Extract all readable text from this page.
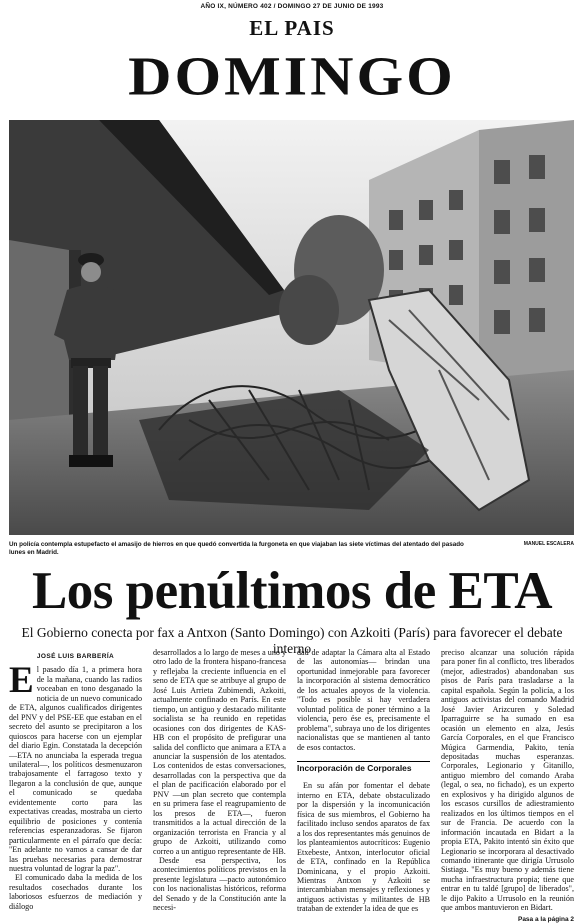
AÑO IX, NÚMERO 402 / DOMINGO 27 DE JUNIO DE 1993
EL PAIS
DOMINGO
Un policía contempla estupefacto el amasijo de hierros en que quedó convertida la furgoneta en que viajaban las siete víctimas del atentado del pasado lunes en Madrid.
MANUEL ESCALERA
Los penúltimos de ETA
El Gobierno conecta por fax a Antxon (Santo Domingo) con Azkoiti (París) para favorecer el debate interno
JOSÉ LUIS BARBERÍA

El pasado día 1, a primera hora de la mañana, cuando las radios voceaban en tono desganado la noticia de un nuevo comunicado de ETA, algunos cualificados dirigentes del PNV y del PSE-EE que estaban en el secreto del asunto se precipitaron a los quioscos para hacerse con un ejemplar del diario Egin. Constatada la decepción —ETA no anunciaba la esperada tregua unilateral—, los políticos desmenuzaron trabajosamente el farragoso texto y llegaron a la conclusión de que, aunque el comunicado se quedaba evidentemente corto para las expectativas creadas, mostraba un cierto equilibrio de posiciones y contenía referencias esperanzadoras. Se fijaron particularmente en el párrafo que decía: "En adelante no vamos a cansar de dar las pruebas necesarias para demostrar nuestra voluntad de lograr la paz".

El comunicado daba la medida de los resultados cosechados durante los laboriosos esfuerzos de mediación y diálogo

desarrollados a lo largo de meses a uno y otro lado de la frontera hispano-francesa y reflejaba la creciente influencia en el seno de ETA que se atribuye al grupo de José Luis Arrieta Zubimendi, Azkoiti, actualmente confinado en París. En este tiempo, un antiguo y destacado militante socialista se ha reunido en repetidas ocasiones con dos dirigentes de KAS-HB con el propósito de prefigurar una salida del conflicto que animara a ETA a anunciar la suspensión de los atentados. Los contenidos de estas conversaciones, desarrolladas con la perspectiva que da el plan de pacificación elaborado por el PNV —un plan secreto que contempla en su primera fase el reagrupamiento de los presos de ETA—, fueron transmitidos a la actual dirección de la organización terrorista en Francia y al grupo de Azkoiti, utilizando como correo a un antiguo representante de HB.

Desde esa perspectiva, los acontecimientos políticos previstos en la presente legislatura —pacto autonómico con los nacionalistas históricos, reforma del Senado y de la Constitución ante la necesi-

dad de adaptar la Cámara alta al Estado de las autonomías— brindan una oportunidad inmejorable para favorecer la incorporación al sistema democrático de los actuales apoyos de la violencia. "Todo es posible si hay verdadera voluntad política de poner término a la violencia, pero ése es, precisamente el problema", subraya uno de los dirigentes nacionalistas que se mantienen al tanto de esos contactos.

Incorporación de Corporales

En su afán por fomentar el debate interno en ETA, debate obstaculizado por la dispersión y la incomunicación física de sus miembros, el Gobierno ha facilitado incluso sendos aparatos de fax a los dos representantes más genuinos de los planteamientos autocríticos: Eugenio Etxebeste, Antxon, interlocutor oficial de ETA, confinado en la República Dominicana, y el propio Azkoiti. Mientras Antxon y Azkoiti se intercambiaban mensajes y reflexiones y antiguos activistas y militantes de HB trataban de extender la idea de que es

preciso alcanzar una solución rápida para poner fin al conflicto, tres liberados (mejor, adiestrados) abandonaban sus pisos de París para trasladarse a la capital española. Según la policía, a los antiguos activistas del comando Madrid José Javier Arizcuren y Soledad Iparraguirre se ha sumado en esa ocasión un elemento en alza, Jesús García Corporales, en el que Francisco Múgica Garmendia, Pakito, tenía depositadas muchas esperanzas. Corporales, Legionario y Gitanillo, antiguo miembro del comando Araba (legal, o sea, no fichado), es un experto en explosivos y ha dirigido algunos de los escasos cursillos de adiestramiento realizados en los últimos tiempos en el sur de Francia. De acuerdo con la información incautada en Bidart a la propia ETA, Pakito intentó sin éxito que Legionario se incorporara al desactivado comando itinerante que dirigía Urrusolo Sistiaga. "Es muy bueno y además tiene mucha infraestructura propia; tiene que entrar en tu taldé [grupo] de liberados", le dijo Pakito a Urrusolo en la reunión que ambos mantuvieron en Bidart.

Pasa a la página 2
